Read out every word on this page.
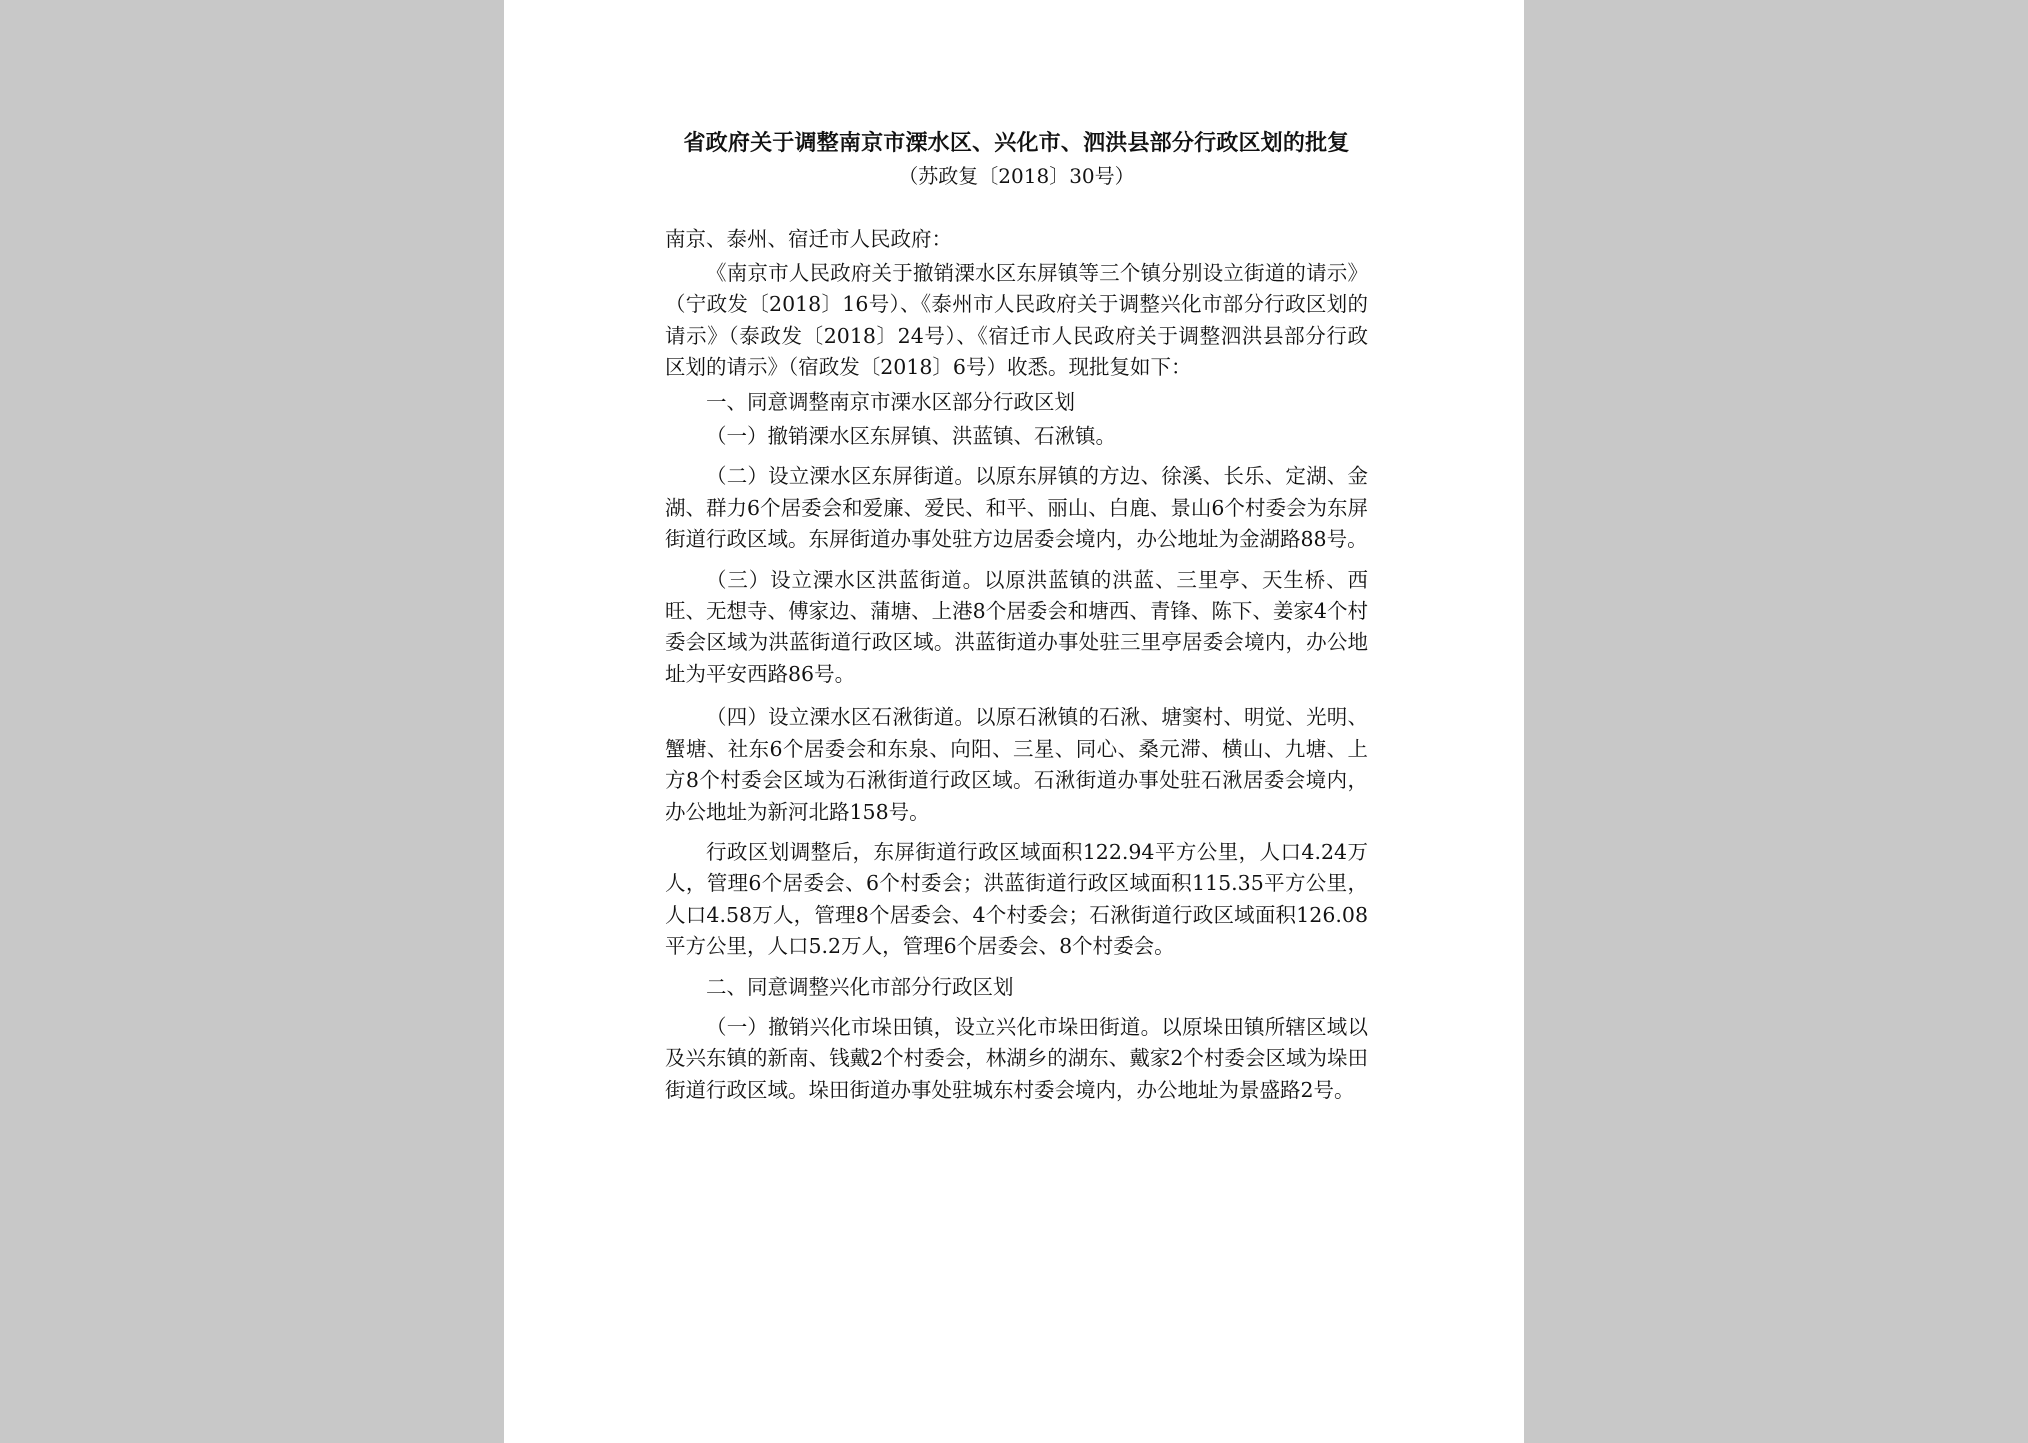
省政府关于调整南京市溧水区、兴化市、泗洪县部分行政区划的批复
（苏政复〔2018〕30号）
南京、泰州、宿迁市人民政府：

《南京市人民政府关于撤销溧水区东屏镇等三个镇分别设立街道的请示》（宁政发〔2018〕16号）、《泰州市人民政府关于调整兴化市部分行政区划的请示》（泰政发〔2018〕24号）、《宿迁市人民政府关于调整泗洪县部分行政区划的请示》（宿政发〔2018〕6号）收悉。现批复如下：

一、同意调整南京市溧水区部分行政区划

（一）撤销溧水区东屏镇、洪蓝镇、石湫镇。

（二）设立溧水区东屏街道。以原东屏镇的方边、徐溪、长乐、定湖、金湖、群力6个居委会和爱廉、爱民、和平、丽山、白鹿、景山6个村委会为东屏街道行政区域。东屏街道办事处驻方边居委会境内，办公地址为金湖路88号。

（三）设立溧水区洪蓝街道。以原洪蓝镇的洪蓝、三里亭、天生桥、西旺、无想寺、傅家边、蒲塘、上港8个居委会和塘西、青锋、陈下、姜家4个村委会区域为洪蓝街道行政区域。洪蓝街道办事处驻三里亭居委会境内，办公地址为平安西路86号。

（四）设立溧水区石湫街道。以原石湫镇的石湫、塘窦村、明觉、光明、蟹塘、社东6个居委会和东泉、向阳、三星、同心、桑元滞、横山、九塘、上方8个村委会区域为石湫街道行政区域。石湫街道办事处驻石湫居委会境内，办公地址为新河北路158号。

行政区划调整后，东屏街道行政区域面积122.94平方公里，人口4.24万人，管理6个居委会、6个村委会；洪蓝街道行政区域面积115.35平方公里，人口4.58万人，管理8个居委会、4个村委会；石湫街道行政区域面积126.08平方公里，人口5.2万人，管理6个居委会、8个村委会。

二、同意调整兴化市部分行政区划

（一）撤销兴化市垛田镇，设立兴化市垛田街道。以原垛田镇所辖区域以及兴东镇的新南、钱戴2个村委会，林湖乡的湖东、戴家2个村委会区域为垛田街道行政区域。垛田街道办事处驻城东村委会境内，办公地址为景盛路2号。
